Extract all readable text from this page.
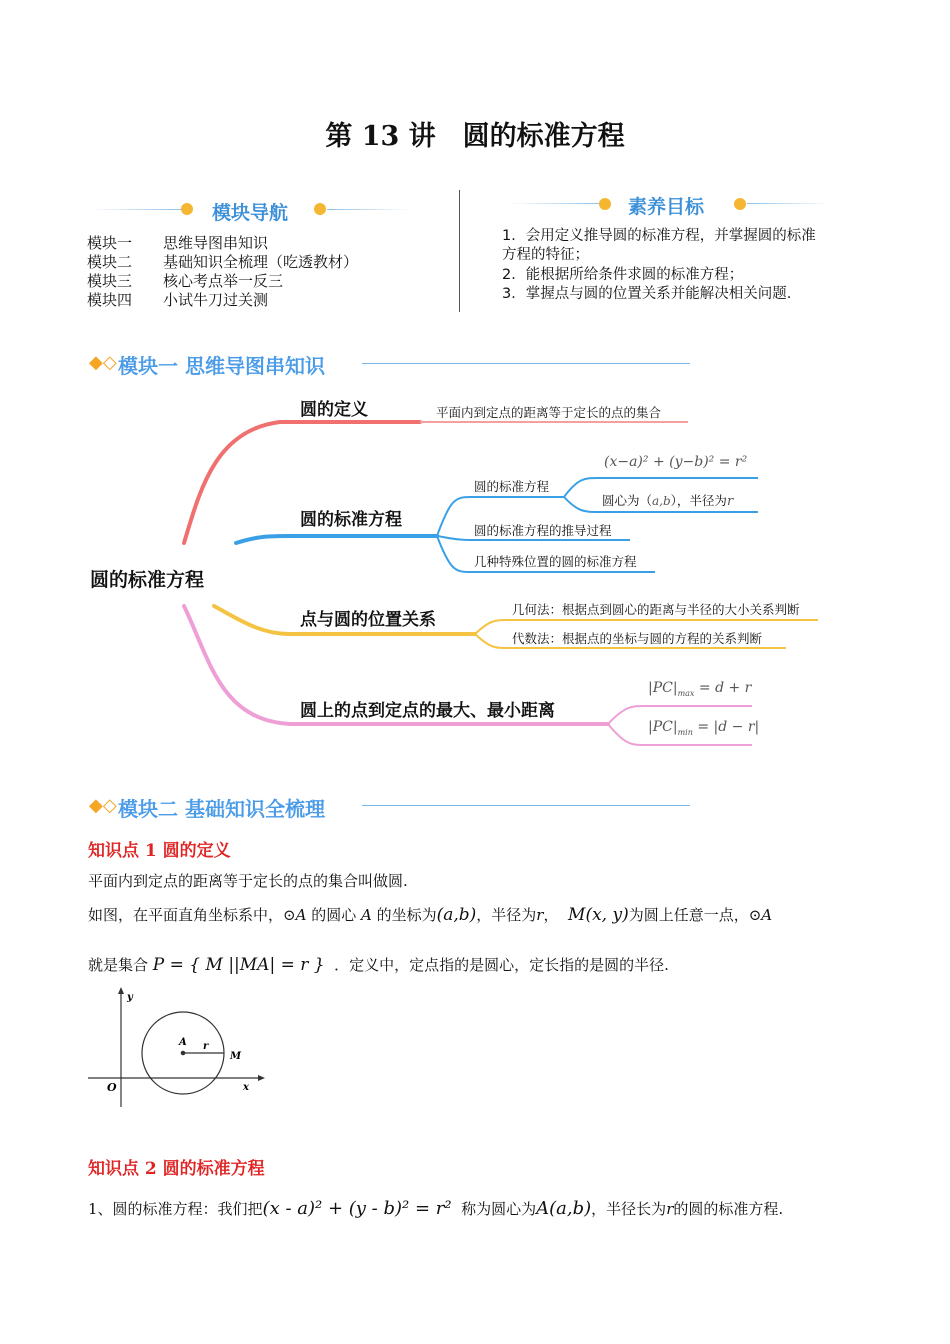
第 13 讲　圆的标准方程
模块导航
模块一 思维导图串知识
模块二 基础知识全梳理（吃透教材）
模块三 核心考点举一反三
模块四 小试牛刀过关测
素养目标
1．会用定义推导圆的标准方程，并掌握圆的标准
方程的特征；
2．能根据所给条件求圆的标准方程；
3．掌握点与圆的位置关系并能解决相关问题.
◆◇ 模块一 思维导图串知识
圆的标准方程
圆的定义	平面内到定点的距离等于定长的点的集合
圆的标准方程
圆的标准方程
(x−a)² + (y−b)² = r²
圆心为（a,b），半径为r
圆的标准方程的推导过程
几种特殊位置的圆的标准方程
点与圆的位置关系
几何法：根据点到圆心的距离与半径的大小关系判断
代数法：根据点的坐标与圆的方程的关系判断
圆上的点到定点的最大、最小距离
$|PC|_{max} = d + r$
$|PC|_{min} = |d - r|$
◆◇ 模块二 基础知识全梳理
知识点 1 圆的定义
平面内到定点的距离等于定长的点的集合叫做圆.
如图，在平面直角坐标系中，⊙A 的圆心 A 的坐标为(a,b)，半径为r， M(x, y)为圆上任意一点，⊙A
就是集合 P = { M ||MA| = r } ．定义中，定点指的是圆心，定长指的是圆的半径.
y
x
O
A r
M
知识点 2 圆的标准方程
1、圆的标准方程：我们把(x - a)² + (y - b)² = r² 称为圆心为A(a,b)，半径长为r的圆的标准方程.
